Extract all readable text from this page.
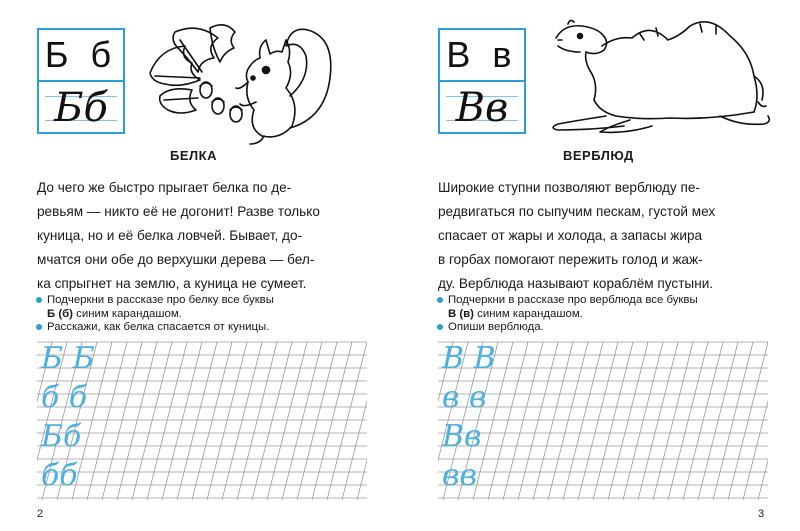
Б б
Бб
БЕЛКА
До чего же быстро прыгает белка по де-
ревьям — никто её не догонит! Разве только
куница, но и её белка ловчей. Бывает, до-
мчатся они обе до верхушки дерева — бел-
ка спрыгнет на землю, а куница не сумеет.
Подчеркни в рассказе про белку все буквы
Б (б) синим карандашом.
Расскажи, как белка спасается от куницы.
Б Б
б б
Бб
бб
2
В в
Вв
ВЕРБЛЮД
Широкие ступни позволяют верблюду пе-
редвигаться по сыпучим пескам, густой мех
спасает от жары и холода, а запасы жира
в горбах помогают пережить голод и жаж-
ду. Верблюда называют кораблём пустыни.
Подчеркни в рассказе про верблюда все буквы
В (в) синим карандашом.
Опиши верблюда.
В В
в в
Вв
вв
3
